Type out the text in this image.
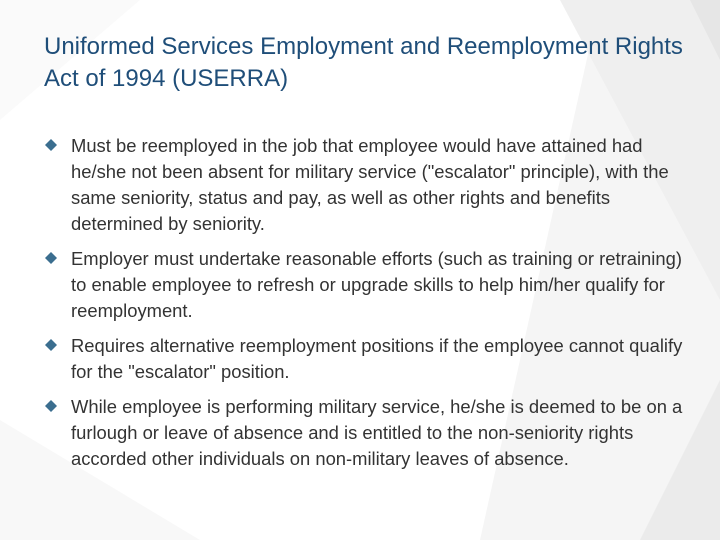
Uniformed Services Employment and Reemployment Rights Act of 1994 (USERRA)
Must be reemployed in the job that employee would have attained had he/she not been absent for military service ("escalator" principle), with the same seniority, status and pay, as well as other rights and benefits determined by seniority.
Employer must undertake reasonable efforts (such as training or retraining) to enable employee to refresh or upgrade skills to help him/her qualify for reemployment.
Requires alternative reemployment positions if the employee cannot qualify for the "escalator" position.
While employee is performing military service, he/she is deemed to be on a furlough or leave of absence and is entitled to the non-seniority rights accorded other individuals on non-military leaves of absence.
